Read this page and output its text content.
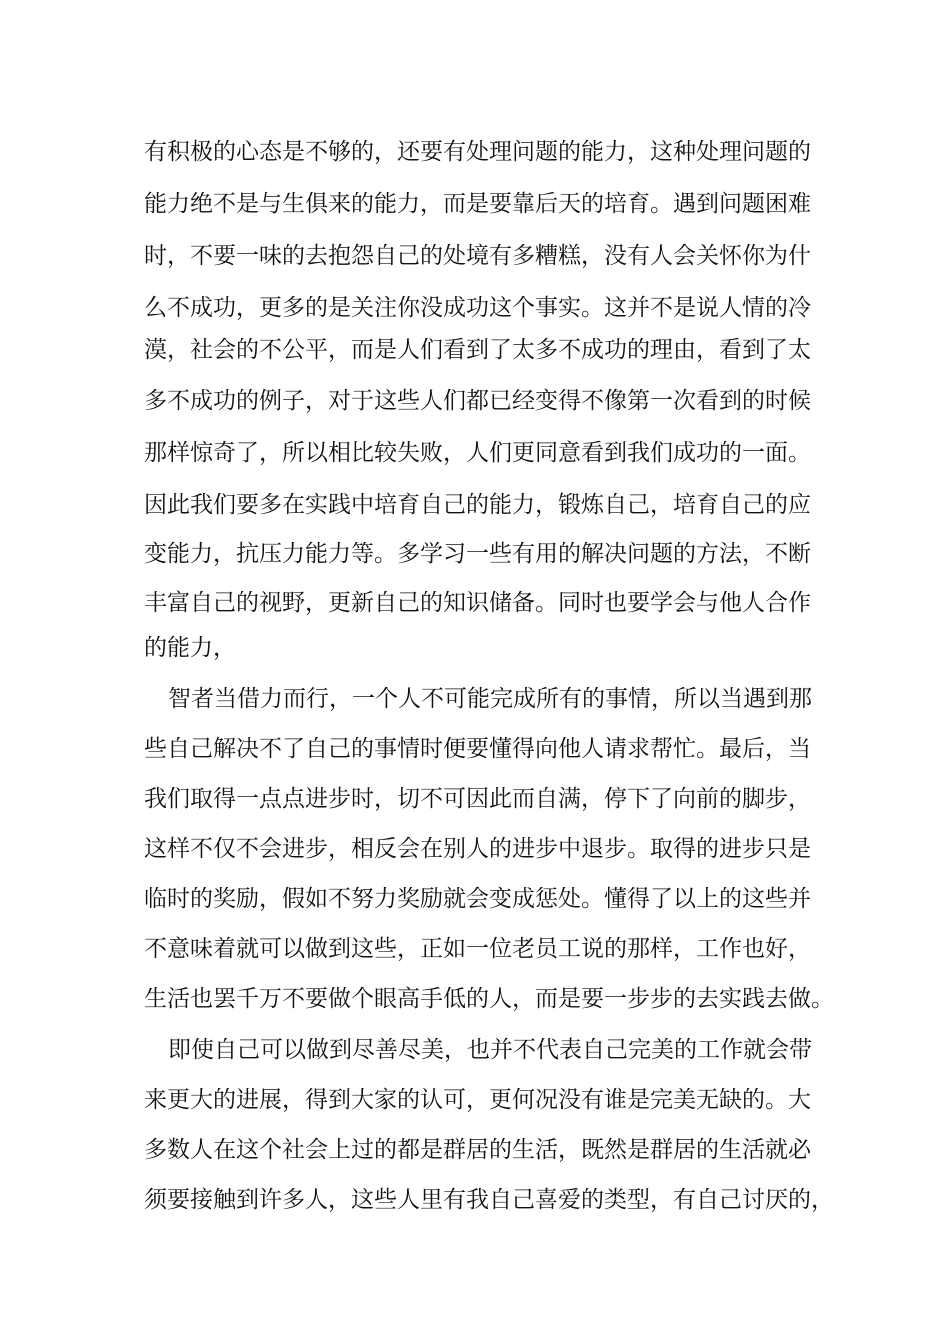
有积极的心态是不够的，还要有处理问题的能力，这种处理问题的

能力绝不是与生俱来的能力，而是要靠后天的培育。遇到问题困难

时，不要一味的去抱怨自己的处境有多糟糕，没有人会关怀你为什

么不成功，更多的是关注你没成功这个事实。这并不是说人情的冷

漠，社会的不公平，而是人们看到了太多不成功的理由，看到了太

多不成功的例子，对于这些人们都已经变得不像第一次看到的时候

那样惊奇了，所以相比较失败，人们更同意看到我们成功的一面。

因此我们要多在实践中培育自己的能力，锻炼自己，培育自己的应

变能力，抗压力能力等。多学习一些有用的解决问题的方法，不断

丰富自己的视野，更新自己的知识储备。同时也要学会与他人合作

的能力，

智者当借力而行，一个人不可能完成所有的事情，所以当遇到那

些自己解决不了自己的事情时便要懂得向他人请求帮忙。最后，当

我们取得一点点进步时，切不可因此而自满，停下了向前的脚步，

这样不仅不会进步，相反会在别人的进步中退步。取得的进步只是

临时的奖励，假如不努力奖励就会变成惩处。懂得了以上的这些并

不意味着就可以做到这些，正如一位老员工说的那样，工作也好，

生活也罢千万不要做个眼高手低的人，而是要一步步的去实践去做。

即使自己可以做到尽善尽美，也并不代表自己完美的工作就会带

来更大的进展，得到大家的认可，更何况没有谁是完美无缺的。大

多数人在这个社会上过的都是群居的生活，既然是群居的生活就必

须要接触到许多人，这些人里有我自己喜爱的类型，有自己讨厌的，
